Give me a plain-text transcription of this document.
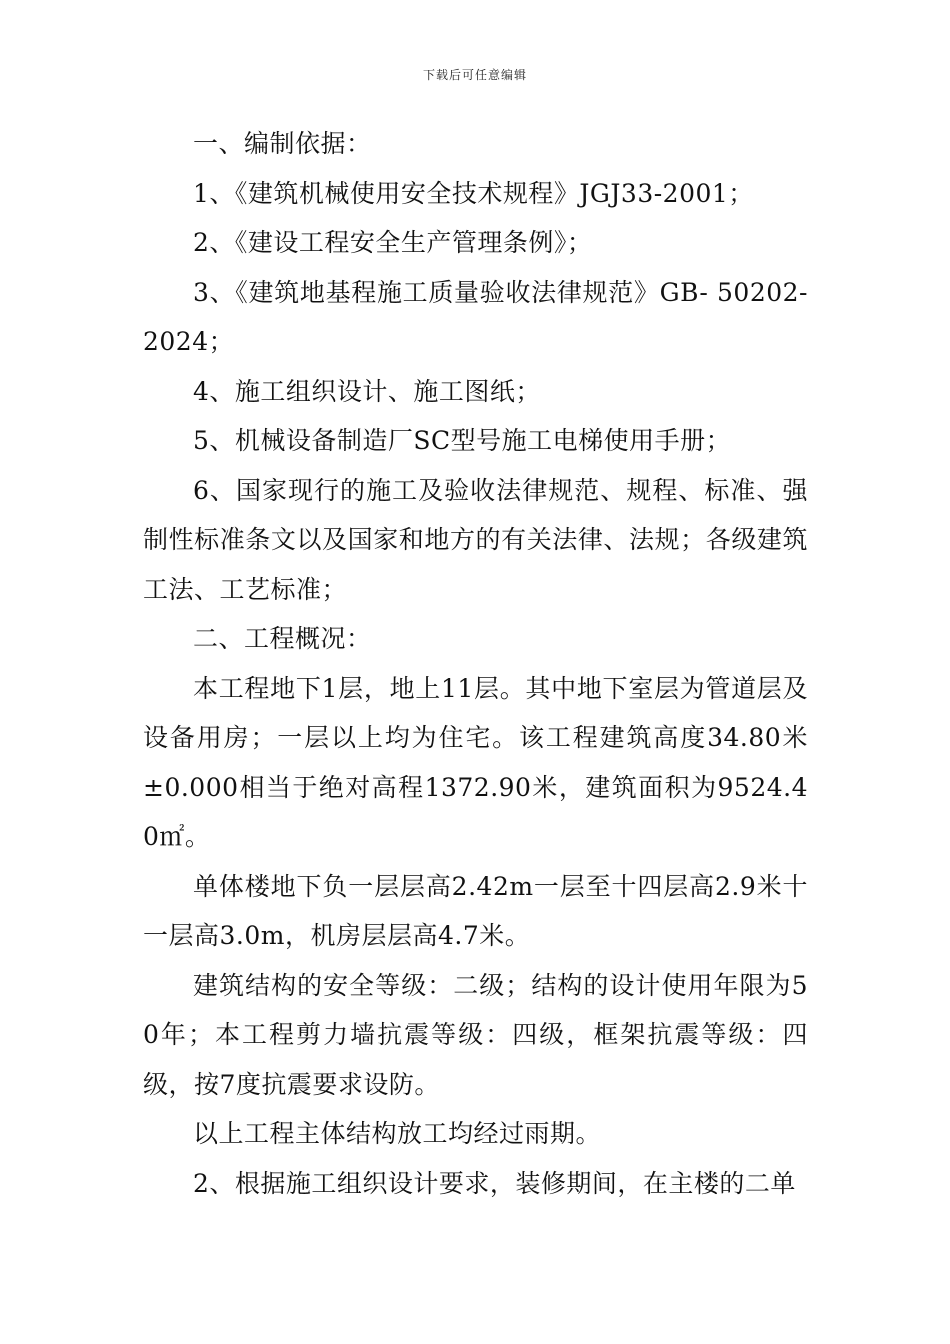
下载后可任意编辑

一、编制依据：

1、《建筑机械使用安全技术规程》JGJ33-2001；

2、《建设工程安全生产管理条例》；

3、《建筑地基程施工质量验收法律规范》GB- 50202-2024；

4、施工组织设计、施工图纸；

5、机械设备制造厂SC型号施工电梯使用手册；

6、国家现行的施工及验收法律规范、规程、标准、强制性标准条文以及国家和地方的有关法律、法规；各级建筑工法、工艺标准；

二、工程概况：

本工程地下1层，地上11层。其中地下室层为管道层及设备用房；一层以上均为住宅。该工程建筑高度34.80米±0.000相当于绝对高程1372.90米，建筑面积为9524.40㎡。

单体楼地下负一层层高2.42m一层至十四层高2.9米十一层高3.0m，机房层层高4.7米。

建筑结构的安全等级：二级；结构的设计使用年限为50年；本工程剪力墙抗震等级：四级，框架抗震等级：四级，按7度抗震要求设防。

以上工程主体结构放工均经过雨期。

2、根据施工组织设计要求，装修期间，在主楼的二单
